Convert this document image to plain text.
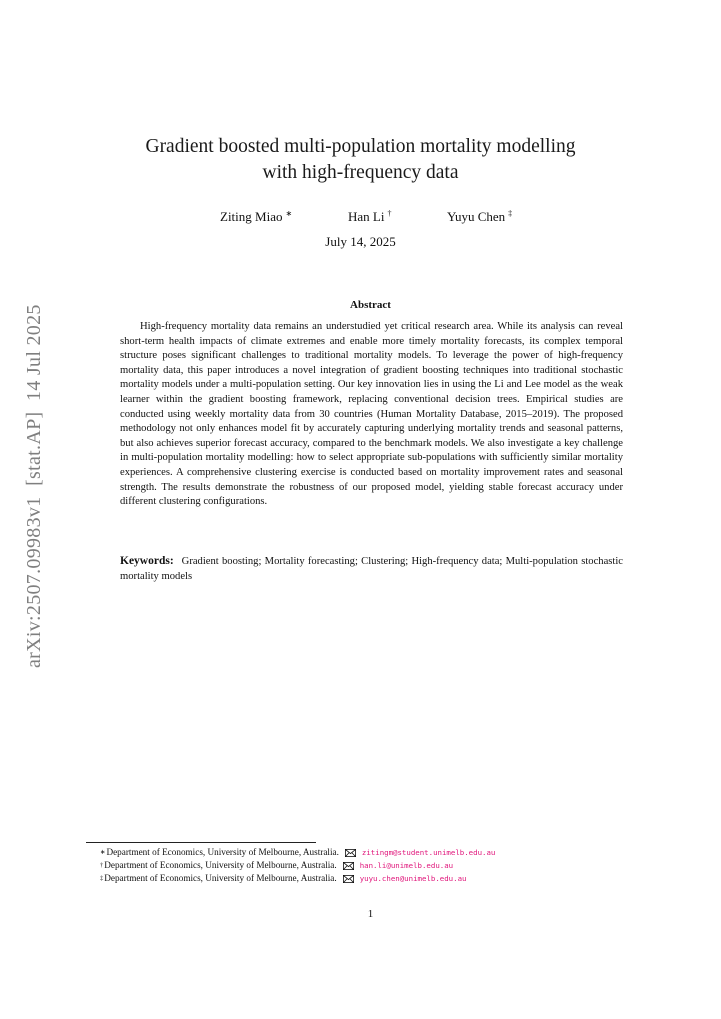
arXiv:2507.09983v1  [stat.AP]  14 Jul 2025
Gradient boosted multi-population mortality modelling
with high-frequency data
Ziting Miao ∗	Han Li †	Yuyu Chen ‡
July 14, 2025
Abstract
High-frequency mortality data remains an understudied yet critical research area. While its analysis can reveal short-term health impacts of climate extremes and enable more timely mortality forecasts, its complex temporal structure poses significant challenges to traditional mortality models. To leverage the power of high-frequency mortality data, this paper introduces a novel integration of gradient boosting techniques into traditional stochastic mortality models under a multi-population setting. Our key innovation lies in using the Li and Lee model as the weak learner within the gradient boosting framework, replacing conventional decision trees. Empirical studies are conducted using weekly mortality data from 30 countries (Human Mortality Database, 2015–2019). The proposed methodology not only enhances model fit by accurately capturing underlying mortality trends and seasonal patterns, but also achieves superior forecast accuracy, compared to the benchmark models. We also investigate a key challenge in multi-population mortality modelling: how to select appropriate sub-populations with sufficiently similar mortality experiences. A comprehensive clustering exercise is conducted based on mortality improvement rates and seasonal strength. The results demonstrate the robustness of our proposed model, yielding stable forecast accuracy under different clustering configurations.
Keywords: Gradient boosting; Mortality forecasting; Clustering; High-frequency data; Multi-population stochastic mortality models
∗ Department of Economics, University of Melbourne, Australia.	zitingm@student.unimelb.edu.au
† Department of Economics, University of Melbourne, Australia.	han.li@unimelb.edu.au
‡ Department of Economics, University of Melbourne, Australia.	yuyu.chen@unimelb.edu.au
1
